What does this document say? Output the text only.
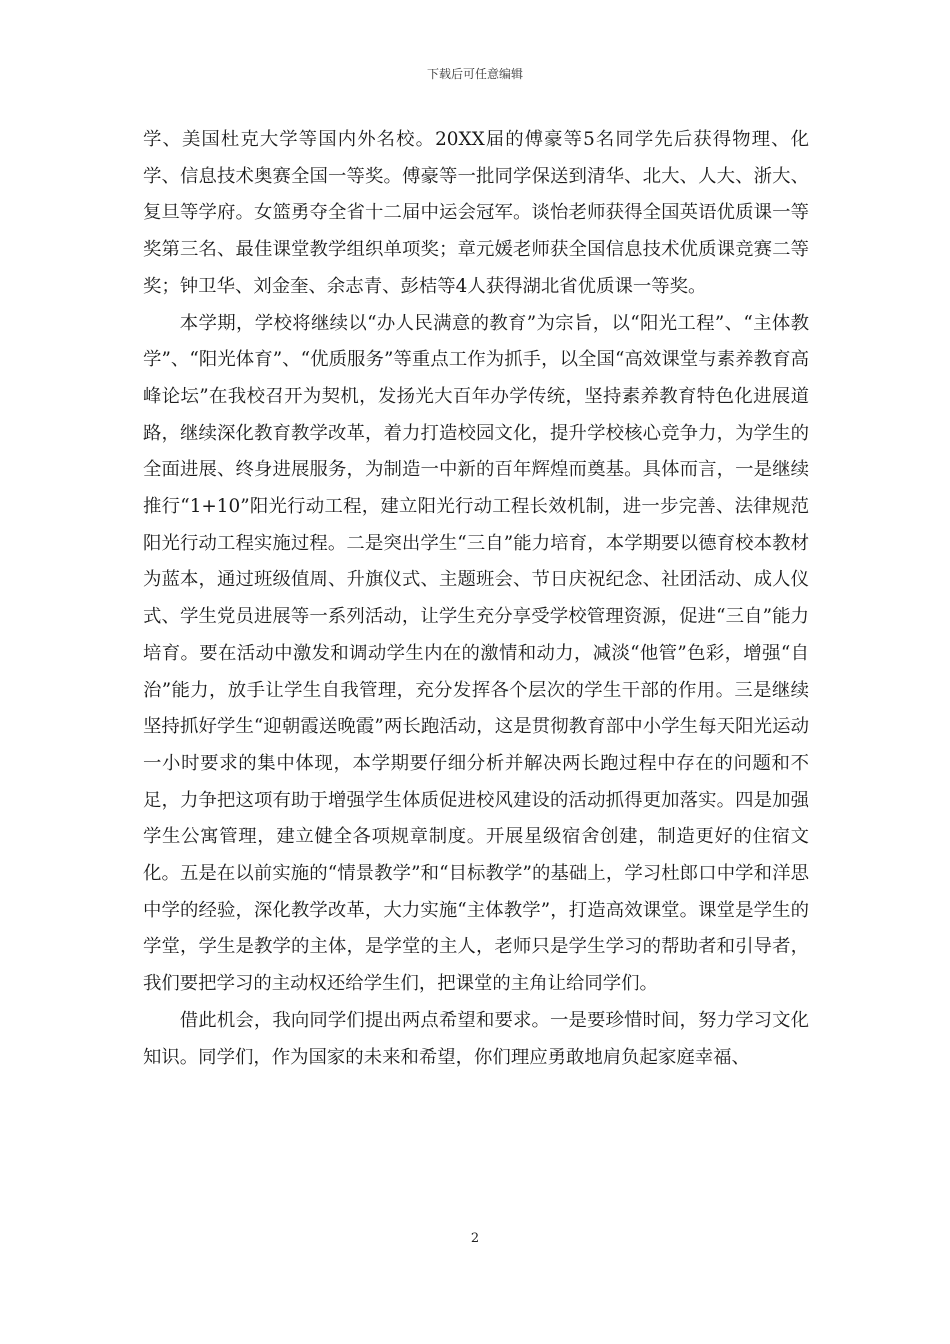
下载后可任意编辑

学、美国杜克大学等国内外名校。20XX届的傅豪等5名同学先后获得物理、化学、信息技术奥赛全国一等奖。傅豪等一批同学保送到清华、北大、人大、浙大、复旦等学府。女篮勇夺全省十二届中运会冠军。谈怡老师获得全国英语优质课一等奖第三名、最佳课堂教学组织单项奖；章元媛老师获全国信息技术优质课竞赛二等奖；钟卫华、刘金奎、余志青、彭桔等4人获得湖北省优质课一等奖。

本学期，学校将继续以“办人民满意的教育”为宗旨，以“阳光工程”、“主体教学”、“阳光体育”、“优质服务”等重点工作为抓手，以全国“高效课堂与素养教育高峰论坛”在我校召开为契机，发扬光大百年办学传统，坚持素养教育特色化进展道路，继续深化教育教学改革，着力打造校园文化，提升学校核心竞争力，为学生的全面进展、终身进展服务，为制造一中新的百年辉煌而奠基。具体而言，一是继续推行“1+10”阳光行动工程，建立阳光行动工程长效机制，进一步完善、法律规范阳光行动工程实施过程。二是突出学生“三自”能力培育，本学期要以德育校本教材为蓝本，通过班级值周、升旗仪式、主题班会、节日庆祝纪念、社团活动、成人仪式、学生党员进展等一系列活动，让学生充分享受学校管理资源，促进“三自”能力培育。要在活动中激发和调动学生内在的激情和动力，减淡“他管”色彩，增强“自治”能力，放手让学生自我管理，充分发挥各个层次的学生干部的作用。三是继续坚持抓好学生“迎朝霞送晚霞”两长跑活动，这是贯彻教育部中小学生每天阳光运动一小时要求的集中体现，本学期要仔细分析并解决两长跑过程中存在的问题和不足，力争把这项有助于增强学生体质促进校风建设的活动抓得更加落实。四是加强学生公寓管理，建立健全各项规章制度。开展星级宿舍创建，制造更好的住宿文化。五是在以前实施的“情景教学”和“目标教学”的基础上，学习杜郎口中学和洋思中学的经验，深化教学改革，大力实施“主体教学”，打造高效课堂。课堂是学生的学堂，学生是教学的主体，是学堂的主人，老师只是学生学习的帮助者和引导者，我们要把学习的主动权还给学生们，把课堂的主角让给同学们。

借此机会，我向同学们提出两点希望和要求。一是要珍惜时间，努力学习文化知识。同学们，作为国家的未来和希望，你们理应勇敢地肩负起家庭幸福、

2
